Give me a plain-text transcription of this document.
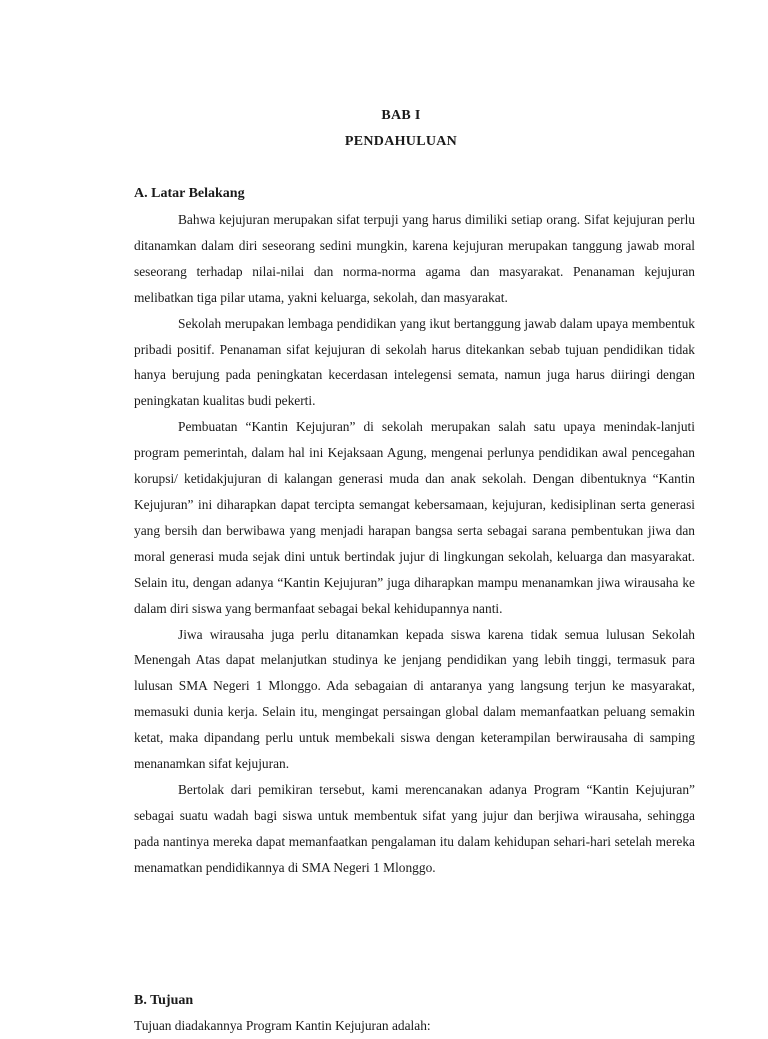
BAB I
PENDAHULUAN
A. Latar Belakang

Bahwa kejujuran merupakan sifat terpuji yang harus dimiliki setiap orang. Sifat kejujuran perlu ditanamkan dalam diri seseorang sedini mungkin, karena kejujuran merupakan tanggung jawab moral seseorang terhadap nilai-nilai dan norma-norma agama dan masyarakat. Penanaman kejujuran melibatkan tiga pilar utama, yakni keluarga, sekolah, dan masyarakat.

Sekolah merupakan lembaga pendidikan yang ikut bertanggung jawab dalam upaya membentuk pribadi positif. Penanaman sifat kejujuran di sekolah harus ditekankan sebab tujuan pendidikan tidak hanya berujung pada peningkatan kecerdasan intelegensi semata, namun juga harus diiringi dengan peningkatan kualitas budi pekerti.

Pembuatan “Kantin Kejujuran” di sekolah merupakan salah satu upaya menindak-lanjuti program pemerintah, dalam hal ini Kejaksaan Agung, mengenai perlunya pendidikan awal pencegahan korupsi/ ketidakjujuran di kalangan generasi muda dan anak sekolah. Dengan dibentuknya “Kantin Kejujuran” ini diharapkan dapat tercipta semangat kebersamaan, kejujuran, kedisiplinan serta generasi yang bersih dan berwibawa yang menjadi harapan bangsa serta sebagai sarana pembentukan jiwa dan moral generasi muda sejak dini untuk bertindak jujur di lingkungan sekolah, keluarga dan masyarakat. Selain itu, dengan adanya “Kantin Kejujuran” juga diharapkan mampu menanamkan jiwa wirausaha ke dalam diri siswa yang bermanfaat sebagai bekal kehidupannya nanti.

Jiwa wirausaha juga perlu ditanamkan kepada siswa karena tidak semua lulusan Sekolah Menengah Atas dapat melanjutkan studinya ke jenjang pendidikan yang lebih tinggi, termasuk para lulusan SMA Negeri 1 Mlonggo. Ada sebagaian di antaranya yang langsung terjun ke masyarakat, memasuki dunia kerja. Selain itu, mengingat persaingan global dalam memanfaatkan peluang semakin ketat, maka dipandang perlu untuk membekali siswa dengan keterampilan berwirausaha di samping menanamkan sifat kejujuran.

Bertolak dari pemikiran tersebut, kami merencanakan adanya Program “Kantin Kejujuran” sebagai suatu wadah bagi siswa untuk membentuk sifat yang jujur dan berjiwa wirausaha, sehingga pada nantinya mereka dapat memanfaatkan pengalaman itu dalam kehidupan sehari-hari setelah mereka menamatkan pendidikannya di SMA Negeri 1 Mlonggo.

B. Tujuan
Tujuan diadakannya Program Kantin Kejujuran adalah:
